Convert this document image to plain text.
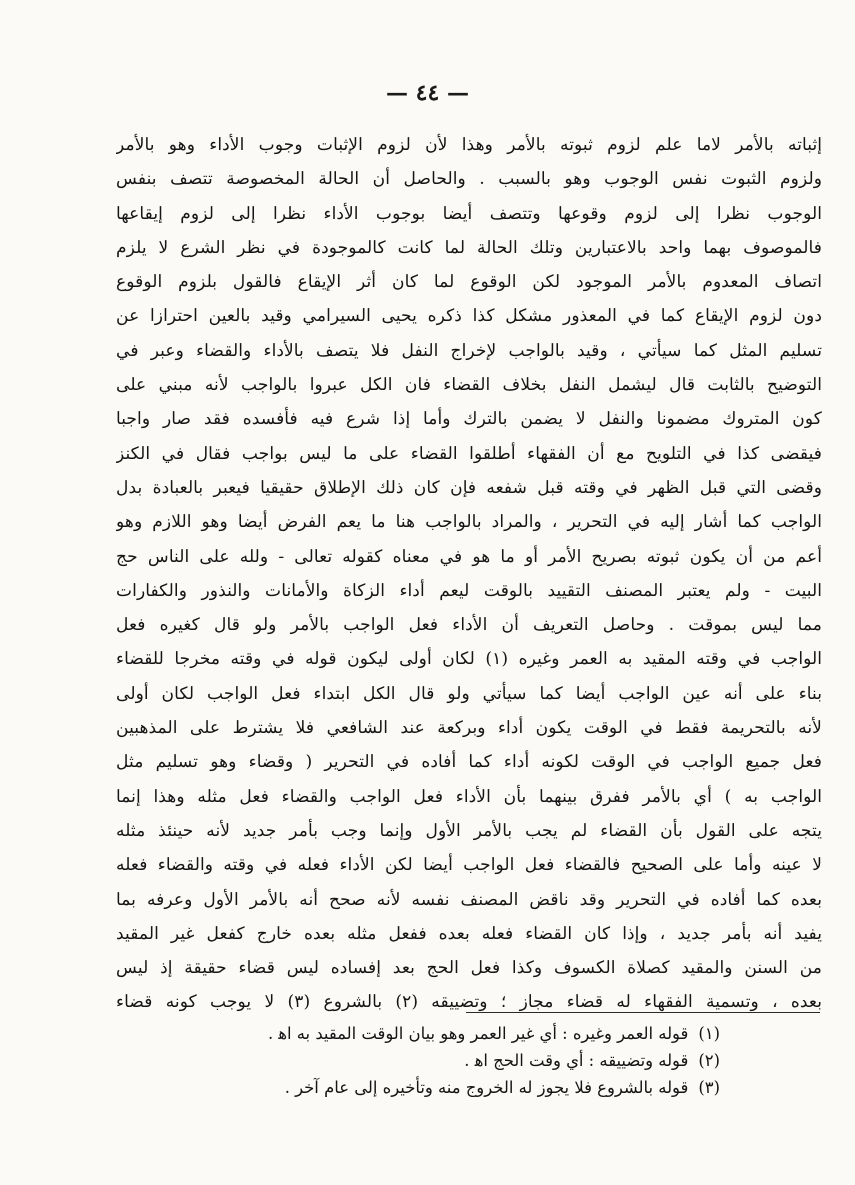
— ٤٤ —
إثباته بالأمر لاما علم لزوم ثبوته بالأمر وهذا لأن لزوم الإثبات وجوب الأداء وهو بالأمر
ولزوم الثبوت نفس الوجوب وهو بالسبب . والحاصل أن الحالة المخصوصة تتصف بنفس
الوجوب نظرا إلى لزوم وقوعها وتتصف أيضا بوجوب الأداء نظرا إلى لزوم إيقاعها
فالموصوف بهما واحد بالاعتبارين وتلك الحالة لما كانت كالموجودة في نظر الشرع لا يلزم
اتصاف المعدوم بالأمر الموجود لكن الوقوع لما كان أثر الإيقاع فالقول بلزوم الوقوع
دون لزوم الإيقاع كما في المعذور مشكل كذا ذكره يحيى السيرامي وقيد بالعين احترازا عن
تسليم المثل كما سيأتي ، وقيد بالواجب لإخراج النفل فلا يتصف بالأداء والقضاء وعبر في
التوضيح بالثابت قال ليشمل النفل بخلاف القضاء فان الكل عبروا بالواجب لأنه مبني على
كون المتروك مضمونا والنفل لا يضمن بالترك وأما إذا شرع فيه فأفسده فقد صار واجبا
فيقضى كذا في التلويح مع أن الفقهاء أطلقوا القضاء على ما ليس بواجب فقال في الكنز
وقضى التي قبل الظهر في وقته قبل شفعه فإن كان ذلك الإطلاق حقيقيا فيعبر بالعبادة بدل
الواجب كما أشار إليه في التحرير ، والمراد بالواجب هنا ما يعم الفرض أيضا وهو اللازم وهو
أعم من أن يكون ثبوته بصريح الأمر أو ما هو في معناه كقوله تعالى - ولله على الناس حج
البيت - ولم يعتبر المصنف التقييد بالوقت ليعم أداء الزكاة والأمانات والنذور والكفارات
مما ليس بموقت . وحاصل التعريف أن الأداء فعل الواجب بالأمر ولو قال كغيره فعل
الواجب في وقته المقيد به العمر وغيره (١) لكان أولى ليكون قوله في وقته مخرجا للقضاء
بناء على أنه عين الواجب أيضا كما سيأتي ولو قال الكل ابتداء فعل الواجب لكان أولى
لأنه بالتحريمة فقط في الوقت يكون أداء وبركعة عند الشافعي فلا يشترط على المذهبين
فعل جميع الواجب في الوقت لكونه أداء كما أفاده في التحرير ( وقضاء وهو تسليم مثل
الواجب به ) أي بالأمر ففرق بينهما بأن الأداء فعل الواجب والقضاء فعل مثله وهذا إنما
يتجه على القول بأن القضاء لم يجب بالأمر الأول وإنما وجب بأمر جديد لأنه حينئذ مثله
لا عينه وأما على الصحيح فالقضاء فعل الواجب أيضا لكن الأداء فعله في وقته والقضاء فعله
بعده كما أفاده في التحرير وقد ناقض المصنف نفسه لأنه صحح أنه بالأمر الأول وعرفه بما
يفيد أنه بأمر جديد ، وإذا كان القضاء فعله بعده ففعل مثله بعده خارج كفعل غير المقيد
من السنن والمقيد كصلاة الكسوف وكذا فعل الحج بعد إفساده ليس قضاء حقيقة إذ ليس
بعده ، وتسمية الفقهاء له قضاء مجاز ؛ وتضييقه (٢) بالشروع (٣) لا يوجب كونه قضاء
(١)قوله العمر وغيره : أي غير العمر وهو بيان الوقت المقيد به اﻫ .
(٢)قوله وتضييقه : أي وقت الحج اﻫ .
(٣)قوله بالشروع فلا يجوز له الخروج منه وتأخيره إلى عام آخر .
